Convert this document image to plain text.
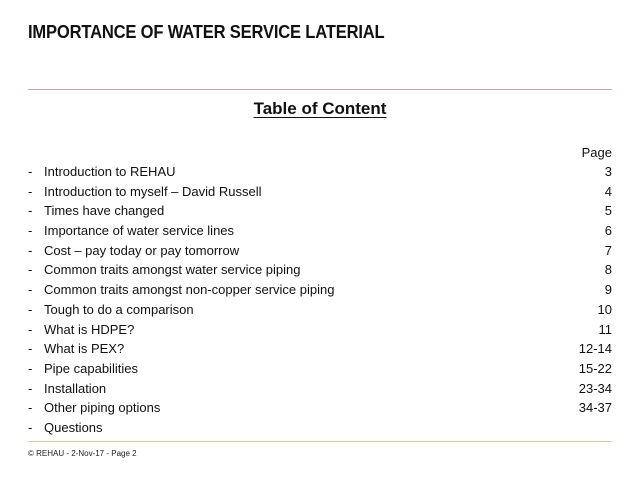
IMPORTANCE OF WATER SERVICE LATERIAL
Table of Content
Page
- Introduction to REHAU	3
- Introduction to myself – David Russell	4
- Times have changed	5
- Importance of water service lines	6
- Cost – pay today or pay tomorrow	7
- Common traits amongst water service piping	8
- Common traits amongst non-copper service piping	9
- Tough to do a comparison	10
- What is HDPE?	11
- What is PEX?	12-14
- Pipe capabilities	15-22
- Installation	23-34
- Other piping options	34-37
- Questions
© REHAU - 2-Nov-17 - Page 2
